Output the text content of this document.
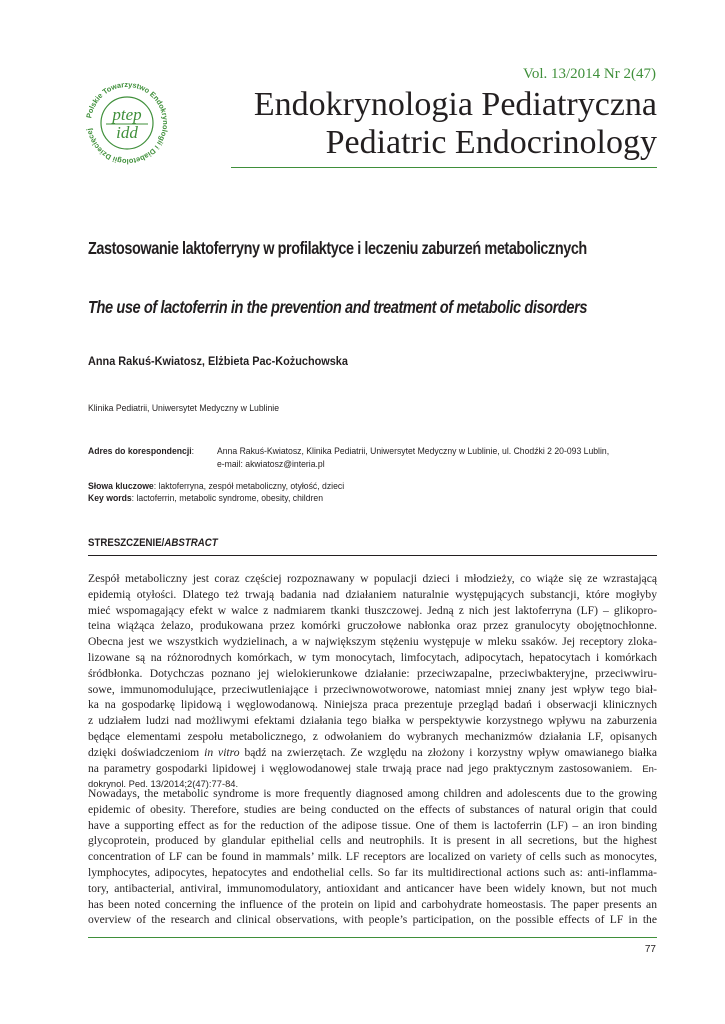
Vol. 13/2014 Nr 2(47)
Polskie Towarzystwo Endokrynologii i Diabetologii Dziecięcej
ptep
idd
Endokrynologia Pediatryczna
Pediatric Endocrinology
Zastosowanie laktoferryny w profilaktyce i leczeniu zaburzeń metabolicznych
The use of lactoferrin in the prevention and treatment of metabolic disorders
Anna Rakuś-Kwiatosz, Elżbieta Pac-Kożuchowska
Klinika Pediatrii, Uniwersytet Medyczny w Lublinie
Adres do korespondencji: Anna Rakuś-Kwiatosz, Klinika Pediatrii, Uniwersytet Medyczny w Lublinie, ul. Chodźki 2 20-093 Lublin,
e-mail: akwiatosz@interia.pl
Słowa kluczowe: laktoferryna, zespół metaboliczny, otyłość, dzieci
Key words: lactoferrin, metabolic syndrome, obesity, children
STRESZCZENIE/ABSTRACT
Zespół metaboliczny jest coraz częściej rozpoznawany w populacji dzieci i młodzieży, co wiąże się ze wzrastającą
epidemią otyłości. Dlatego też trwają badania nad działaniem naturalnie występujących substancji, które mogłyby
mieć wspomagający efekt w walce z nadmiarem tkanki tłuszczowej. Jedną z nich jest laktoferryna (LF) – glikopro-
teina wiążąca żelazo, produkowana przez komórki gruczołowe nabłonka oraz przez granulocyty obojętnochłonne.
Obecna jest we wszystkich wydzielinach, a w największym stężeniu występuje w mleku ssaków. Jej receptory zloka-
lizowane są na różnorodnych komórkach, w tym monocytach, limfocytach, adipocytach, hepatocytach i komórkach
śródbłonka. Dotychczas poznano jej wielokierunkowe działanie: przeciwzapalne, przeciwbakteryjne, przeciwwiru-
sowe, immunomodulujące, przeciwutleniające i przeciwnowotworowe, natomiast mniej znany jest wpływ tego biał-
ka na gospodarkę lipidową i węglowodanową. Niniejsza praca prezentuje przegląd badań i obserwacji klinicznych
z udziałem ludzi nad możliwymi efektami działania tego białka w perspektywie korzystnego wpływu na zaburzenia
będące elementami zespołu metabolicznego, z odwołaniem do wybranych mechanizmów działania LF, opisanych
dzięki doświadczeniom in vitro bądź na zwierzętach. Ze względu na złożony i korzystny wpływ omawianego białka
na parametry gospodarki lipidowej i węglowodanowej stale trwają prace nad jego praktycznym zastosowaniem. En-
dokrynol. Ped. 13/2014;2(47):77-84.
Nowadays, the metabolic syndrome is more frequently diagnosed among children and adolescents due to the growing
epidemic of obesity. Therefore, studies are being conducted on the effects of substances of natural origin that could
have a supporting effect as for the reduction of the adipose tissue. One of them is lactoferrin (LF) – an iron binding
glycoprotein, produced by glandular epithelial cells and neutrophils. It is present in all secretions, but the highest
concentration of LF can be found in mammals’ milk. LF receptors are localized on variety of cells such as monocytes,
lymphocytes, adipocytes, hepatocytes and endothelial cells. So far its multidirectional actions such as: anti-inflamma-
tory, antibacterial, antiviral, immunomodulatory, antioxidant and anticancer have been widely known, but not much
has been noted concerning the influence of the protein on lipid and carbohydrate homeostasis. The paper presents an
overview of the research and clinical observations, with people’s participation, on the possible effects of LF in the
77
